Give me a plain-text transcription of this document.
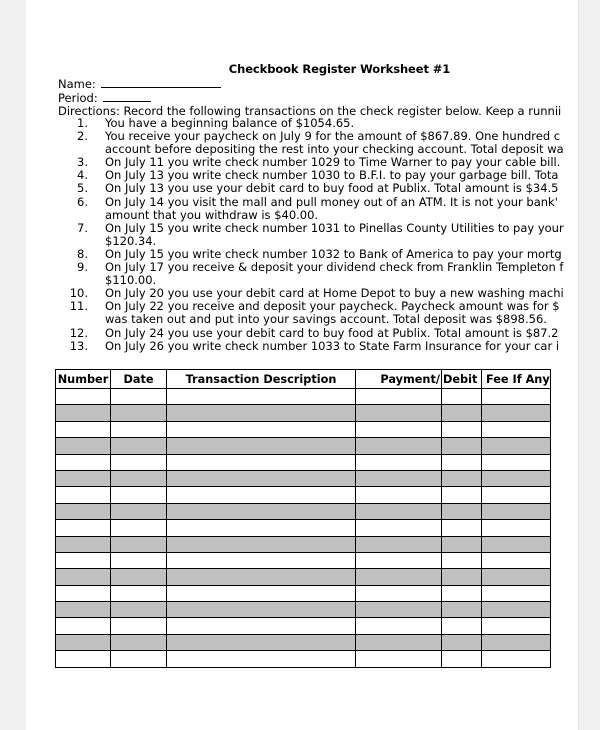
Checkbook Register Worksheet #1
Name:
Period:
Directions: Record the following transactions on the check register below. Keep a runnii
1.	You have a beginning balance of $1054.65.
2.	You receive your paycheck on July 9 for the amount of $867.89. One hundred c
account before depositing the rest into your checking account. Total deposit wa
3.	On July 11 you write check number 1029 to Time Warner to pay your cable bill.
4.	On July 13 you write check number 1030 to B.F.I. to pay your garbage bill. Tota
5.	On July 13 you use your debit card to buy food at Publix. Total amount is $34.5
6.	On July 14 you visit the mall and pull money out of an ATM. It is not your bank'
amount that you withdraw is $40.00.
7.	On July 15 you write check number 1031 to Pinellas County Utilities to pay your
$120.34.
8.	On July 15 you write check number 1032 to Bank of America to pay your mortg
9.	On July 17 you receive & deposit your dividend check from Franklin Templeton f
$110.00.
10.	On July 20 you use your debit card at Home Depot to buy a new washing machi
11.	On July 22 you receive and deposit your paycheck. Paycheck amount was for $
was taken out and put into your savings account. Total deposit was $898.56.
12.	On July 24 you use your debit card to buy food at Publix. Total amount is $87.2
13.	On July 26 you write check number 1033 to State Farm Insurance for your car i
Number	Date	Transaction Description	Payment/	Debit	Fee If Any
